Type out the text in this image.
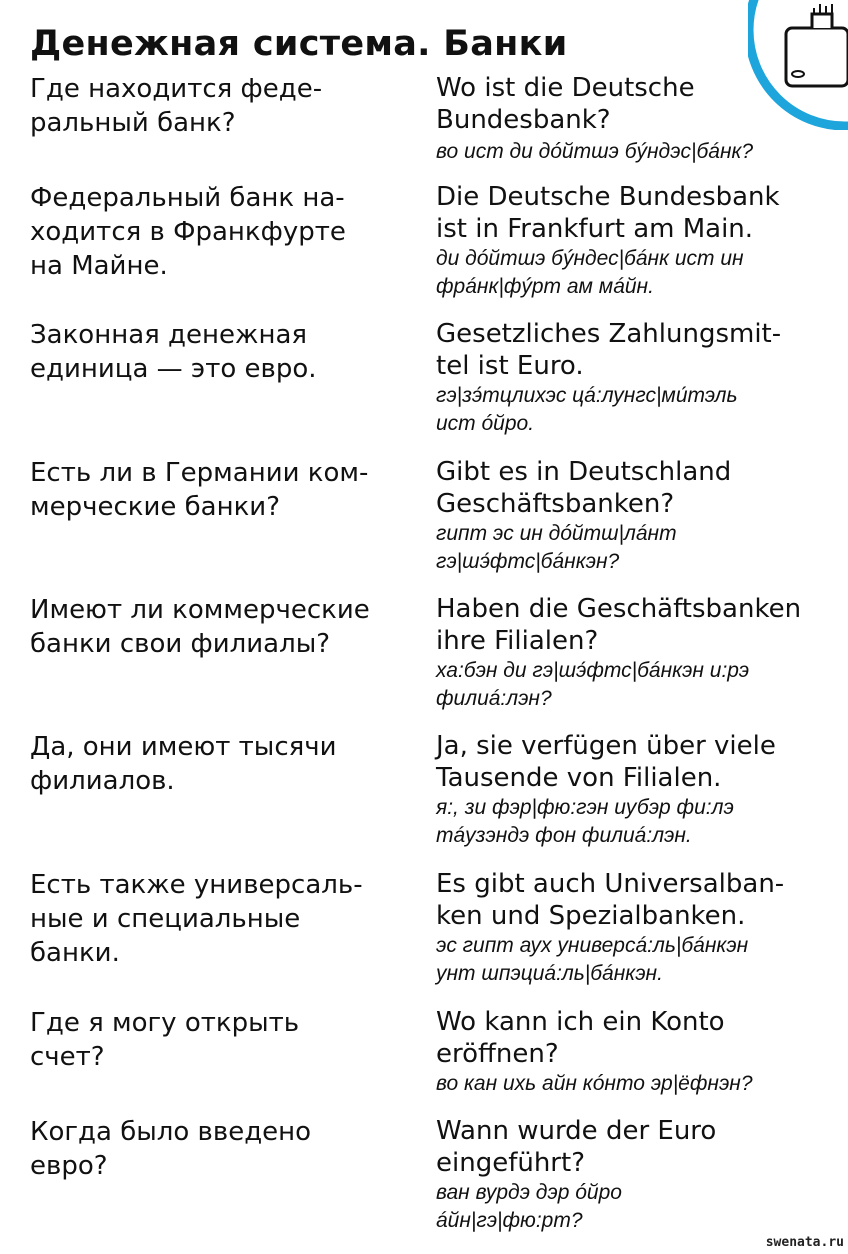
Денежная система. Банки
Где находится феде-
ральный банк?
Wo ist die Deutsche
Bundesbank?
во ист ди дóйтшэ бýндэс|бáнк?
Федеральный банк на-
ходится в Франкфурте
на Майне.
Die Deutsche Bundesbank
ist in Frankfurt am Main.
ди дóйтшэ бýндес|бáнк ист ин
фрáнк|фýрт ам мáйн.
Законная денежная
единица — это евро.
Gesetzliches Zahlungsmit-
tel ist Euro.
гэ|зэ́тцлихэс цá:лунгс|ми́тэль
ист óйро.
Есть ли в Германии ком-
мерческие банки?
Gibt es in Deutschland
Geschäftsbanken?
гипт эс ин дóйтш|лáнт
гэ|шэ́фтс|бáнкэн?
Имеют ли коммерческие
банки свои филиалы?
Haben die Geschäftsbanken
ihre Filialen?
ха:бэн ди гэ|шэ́фтс|бáнкэн и:рэ
филиá:лэн?
Да, они имеют тысячи
филиалов.
Ja, sie verfügen über viele
Tausende von Filialen.
я:, зи фэр|фю:гэн иубэр фи:лэ
тáузэндэ фон филиá:лэн.
Есть также универсаль-
ные и специальные
банки.
Es gibt auch Universalban-
ken und Spezialbanken.
эс гипт аух универсá:ль|бáнкэн
унт шпэциá:ль|бáнкэн.
Где я могу открыть
счет?
Wo kann ich ein Konto
eröffnen?
во кан ихь айн кóнто эр|ёфнэн?
Когда было введено
евро?
Wann wurde der Euro
eingeführt?
ван вурдэ дэр óйро
áйн|гэ|фю:рт?
swenata.ru
